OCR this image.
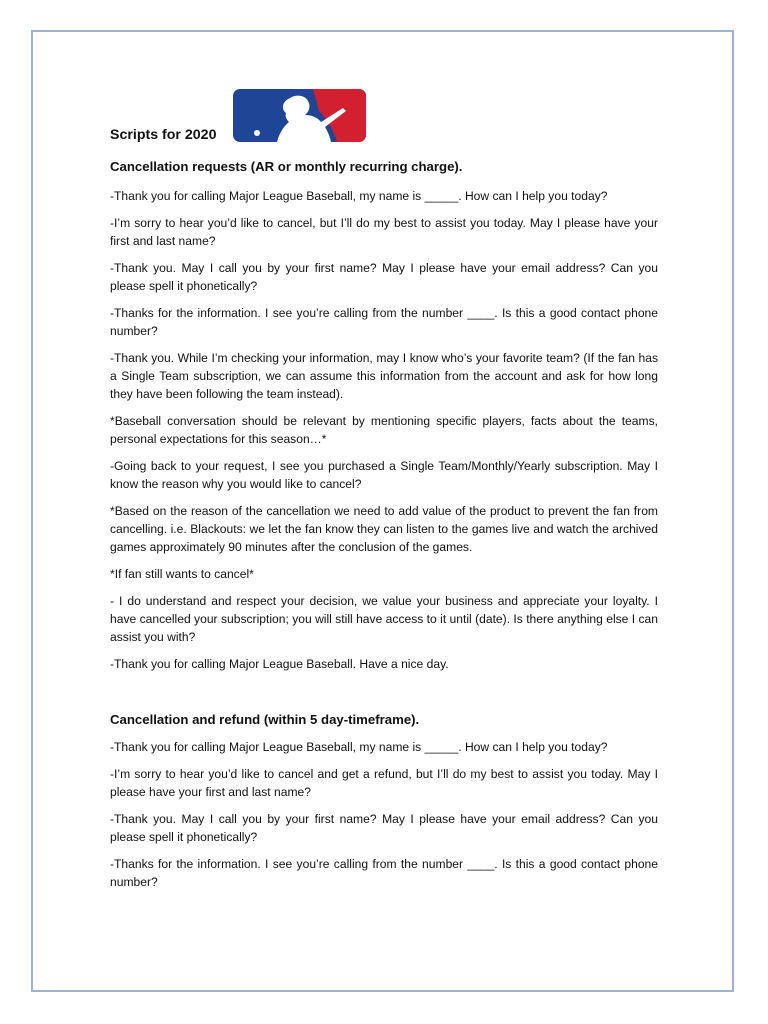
Scripts for 2020
Cancellation requests (AR or monthly recurring charge).
-Thank you for calling Major League Baseball, my name is _____. How can I help you today?
-I’m sorry to hear you’d like to cancel, but I’ll do my best to assist you today. May I please have your first and last name?
-Thank you. May I call you by your first name? May I please have your email address? Can you please spell it phonetically?
-Thanks for the information. I see you’re calling from the number ____. Is this a good contact phone number?
-Thank you. While I’m checking your information, may I know who’s your favorite team? (If the fan has a Single Team subscription, we can assume this information from the account and ask for how long they have been following the team instead).
*Baseball conversation should be relevant by mentioning specific players, facts about the teams, personal expectations for this season…*
-Going back to your request, I see you purchased a Single Team/Monthly/Yearly subscription. May I know the reason why you would like to cancel?
*Based on the reason of the cancellation we need to add value of the product to prevent the fan from cancelling. i.e. Blackouts: we let the fan know they can listen to the games live and watch the archived games approximately 90 minutes after the conclusion of the games.
*If fan still wants to cancel*
- I do understand and respect your decision, we value your business and appreciate your loyalty. I have cancelled your subscription; you will still have access to it until (date). Is there anything else I can assist you with?
-Thank you for calling Major League Baseball. Have a nice day.
Cancellation and refund (within 5 day-timeframe).
-Thank you for calling Major League Baseball, my name is _____. How can I help you today?
-I’m sorry to hear you’d like to cancel and get a refund, but I’ll do my best to assist you today. May I please have your first and last name?
-Thank you. May I call you by your first name? May I please have your email address? Can you please spell it phonetically?
-Thanks for the information. I see you’re calling from the number ____. Is this a good contact phone number?
